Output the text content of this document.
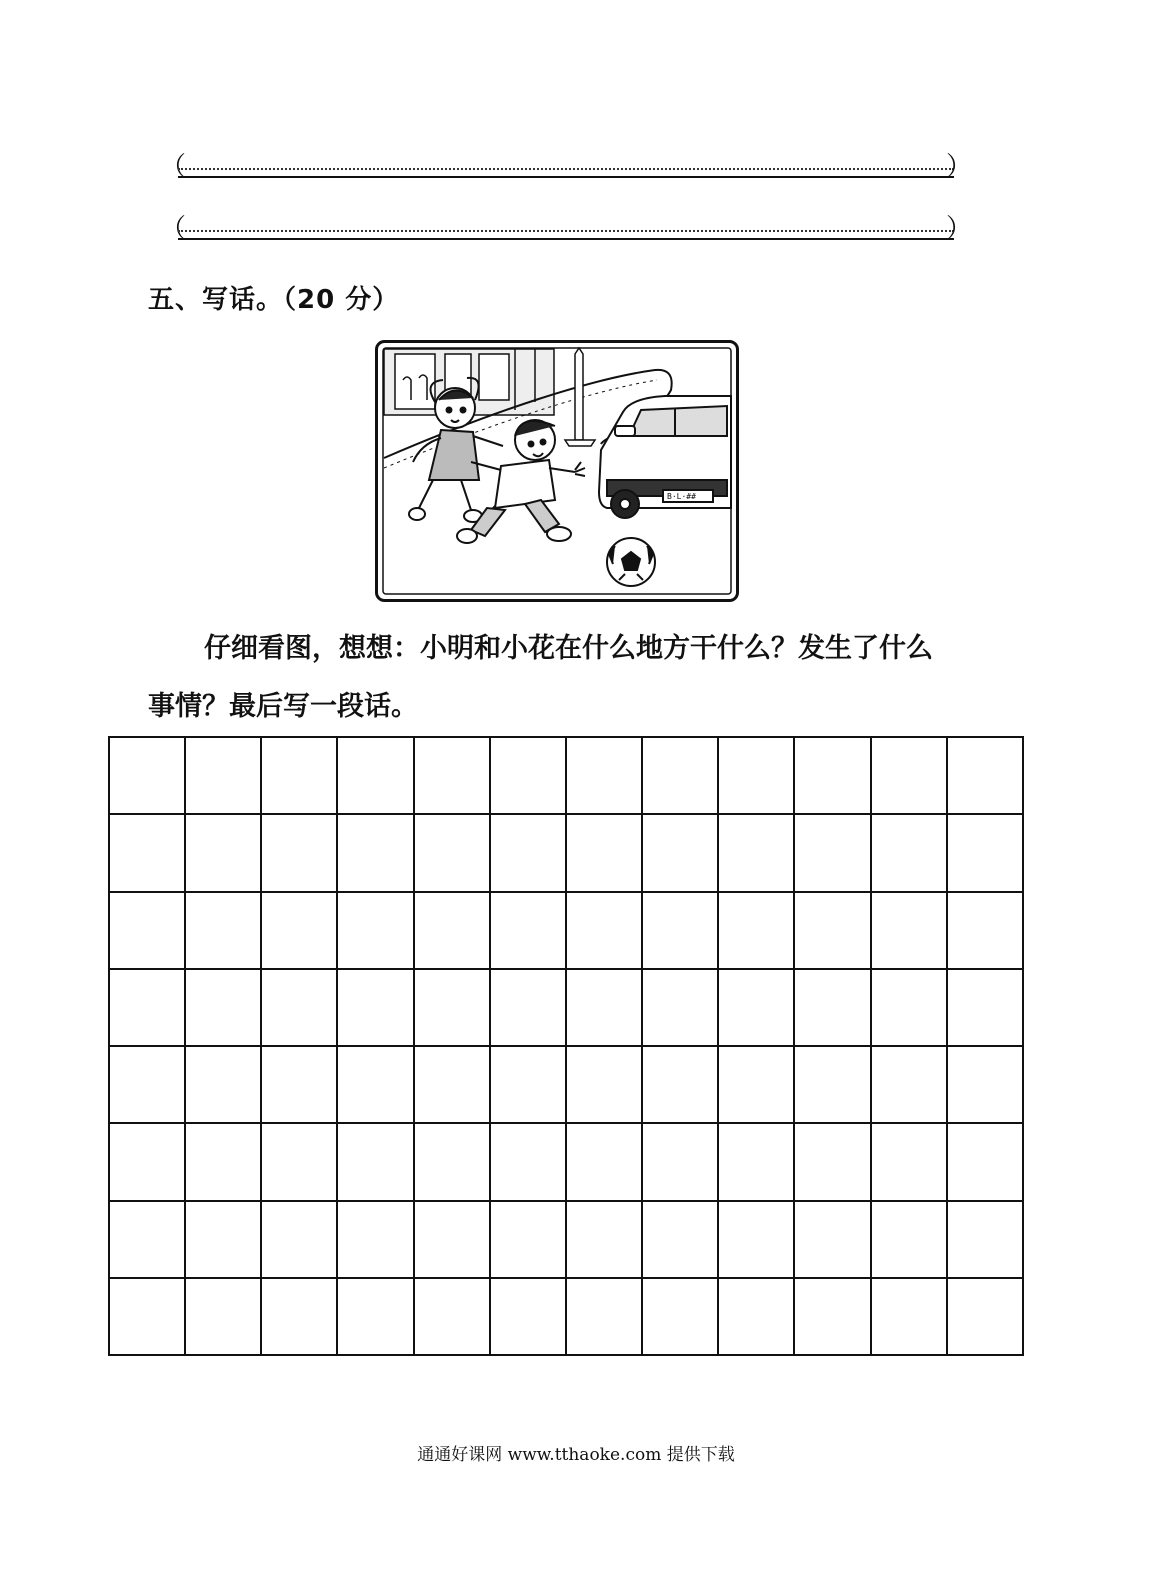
（	）
（	）
五、写话。（20 分）
B·L·##

仔细看图，想想：小明和小花在什么地方干什么？发生了什么
事情？最后写一段话。

通通好课网 www.tthaoke.com 提供下载
